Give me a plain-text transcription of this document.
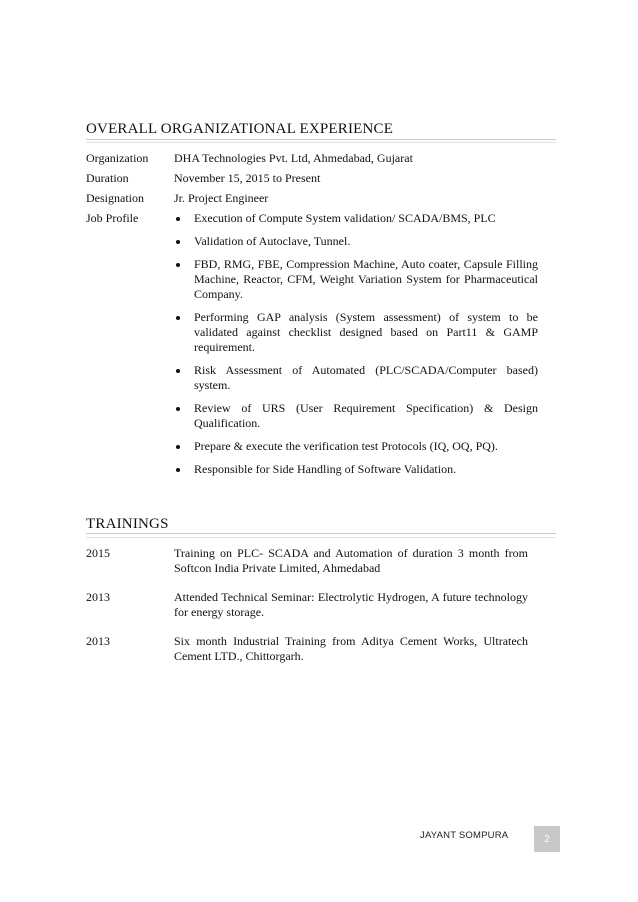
OVERALL ORGANIZATIONAL EXPERIENCE
Organization	DHA Technologies Pvt. Ltd, Ahmedabad, Gujarat
Duration	November 15, 2015 to Present
Designation	Jr. Project Engineer
Job Profile	Execution of Compute System validation/ SCADA/BMS, PLC
Validation of Autoclave, Tunnel.
FBD, RMG, FBE, Compression Machine, Auto coater, Capsule Filling Machine, Reactor, CFM, Weight Variation System for Pharmaceutical Company.
Performing GAP analysis (System assessment) of system to be validated against checklist designed based on Part11 & GAMP requirement.
Risk Assessment of Automated (PLC/SCADA/Computer based) system.
Review of URS (User Requirement Specification) & Design Qualification.
Prepare & execute the verification test Protocols (IQ, OQ, PQ).
Responsible for Side Handling of Software Validation.
TRAININGS
2015	Training on PLC- SCADA and Automation of duration 3 month from Softcon India Private Limited, Ahmedabad
2013	Attended Technical Seminar: Electrolytic Hydrogen, A future technology for energy storage.
2013	Six month Industrial Training from Aditya Cement Works, Ultratech Cement LTD., Chittorgarh.
JAYANT SOMPURA	2
